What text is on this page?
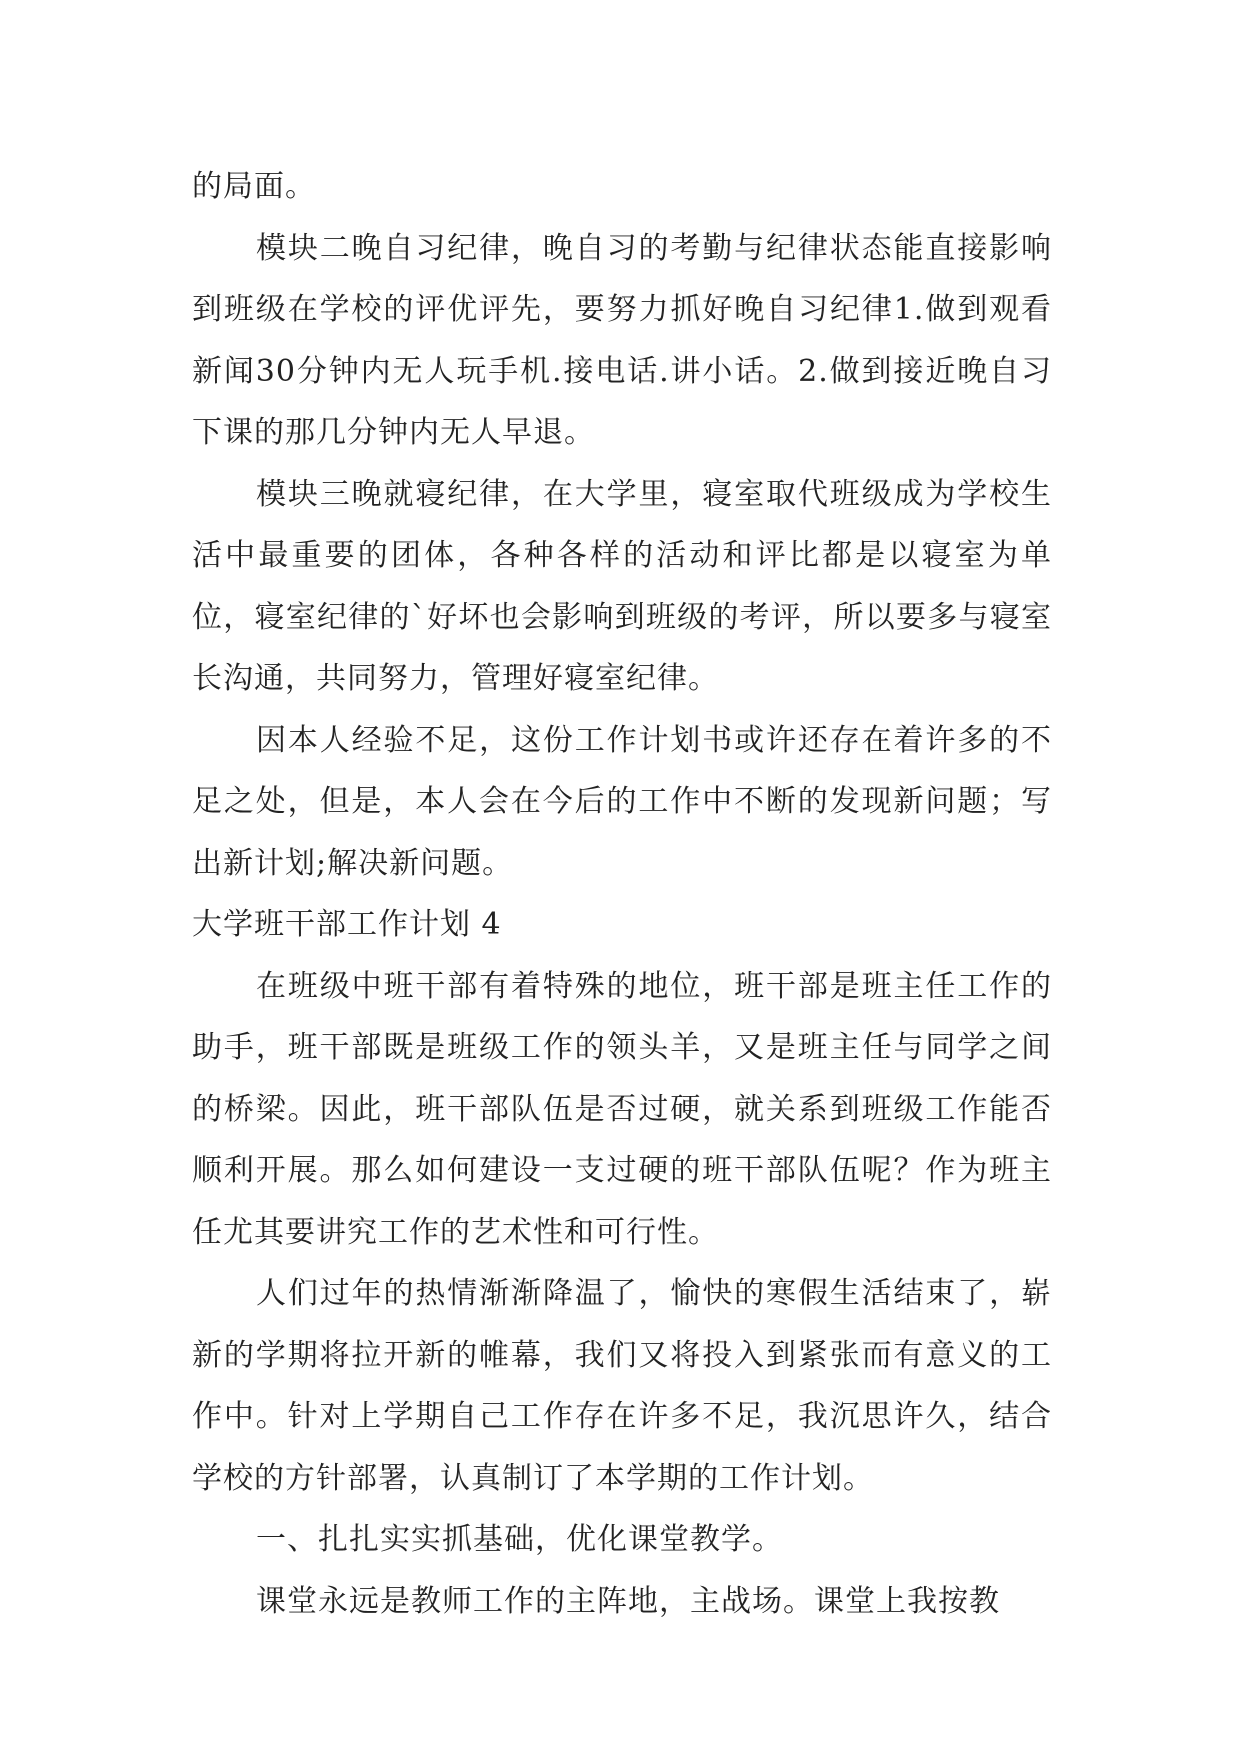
的局面。

模块二晚自习纪律，晚自习的考勤与纪律状态能直接影响到班级在学校的评优评先，要努力抓好晚自习纪律1.做到观看新闻30分钟内无人玩手机.接电话.讲小话。2.做到接近晚自习下课的那几分钟内无人早退。

模块三晚就寝纪律，在大学里，寝室取代班级成为学校生活中最重要的团体，各种各样的活动和评比都是以寝室为单位，寝室纪律的`好坏也会影响到班级的考评，所以要多与寝室长沟通，共同努力，管理好寝室纪律。

因本人经验不足，这份工作计划书或许还存在着许多的不足之处，但是，本人会在今后的工作中不断的发现新问题；写出新计划;解决新问题。

大学班干部工作计划 4

在班级中班干部有着特殊的地位，班干部是班主任工作的助手，班干部既是班级工作的领头羊，又是班主任与同学之间的桥梁。因此，班干部队伍是否过硬，就关系到班级工作能否顺利开展。那么如何建设一支过硬的班干部队伍呢？作为班主任尤其要讲究工作的艺术性和可行性。

人们过年的热情渐渐降温了，愉快的寒假生活结束了，崭新的学期将拉开新的帷幕，我们又将投入到紧张而有意义的工作中。针对上学期自己工作存在许多不足，我沉思许久，结合学校的方针部署，认真制订了本学期的工作计划。

一、扎扎实实抓基础，优化课堂教学。

课堂永远是教师工作的主阵地，主战场。课堂上我按教
